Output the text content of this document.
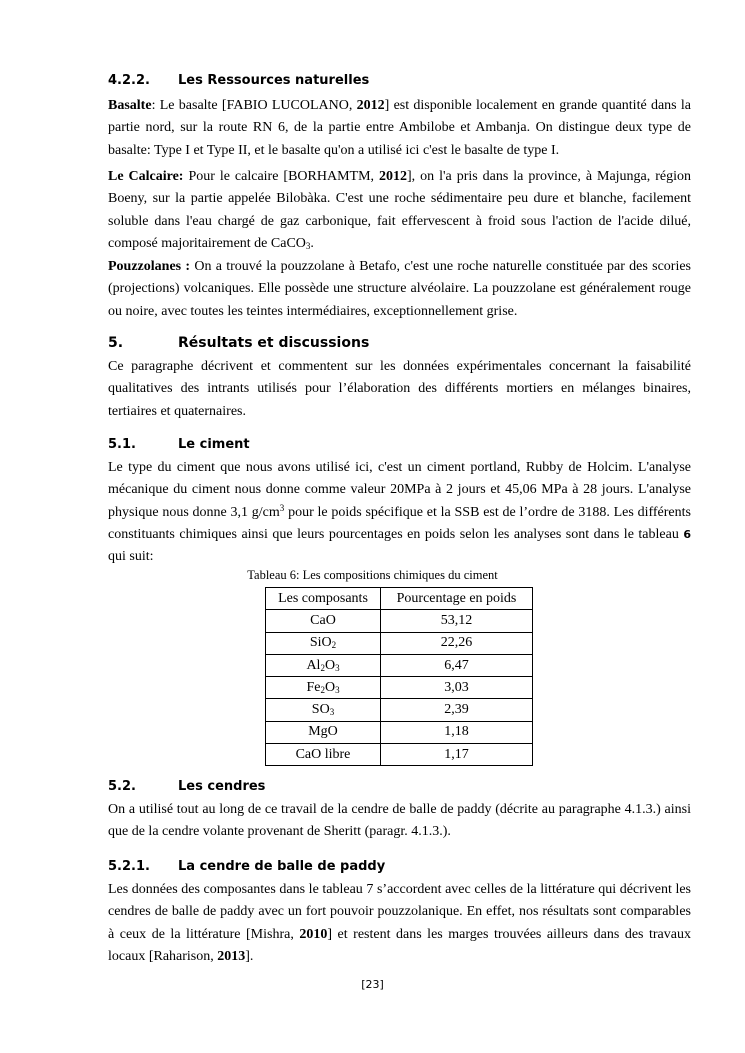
4.2.2. Les Ressources naturelles

Basalte: Le basalte [FABIO LUCOLANO, 2012] est disponible localement en grande quantité dans la partie nord, sur la route RN 6, de la partie entre Ambilobe et Ambanja. On distingue deux type de basalte: Type I et Type II, et le basalte qu'on a utilisé ici c'est le basalte de type I.

Le Calcaire: Pour le calcaire [BORHAMTM, 2012], on l'a pris dans la province, à Majunga, région Boeny, sur la partie appelée Bilobàka. C'est une roche sédimentaire peu dure et blanche, facilement soluble dans l'eau chargé de gaz carbonique, fait effervescent à froid sous l'action de l'acide dilué, composé majoritairement de CaCO$_3$.

Pouzzolanes : On a trouvé la pouzzolane à Betafo, c'est une roche naturelle constituée par des scories (projections) volcaniques. Elle possède une structure alvéolaire. La pouzzolane est généralement rouge ou noire, avec toutes les teintes intermédiaires, exceptionnellement grise.

5.	Résultats et discussions

Ce paragraphe décrivent et commentent sur les données expérimentales concernant la faisabilité qualitatives des intrants utilisés pour l’élaboration des différents mortiers en mélanges binaires, tertiaires et quaternaires.

5.1.	Le ciment

Le type du ciment que nous avons utilisé ici, c'est un ciment portland, Rubby de Holcim. L'analyse mécanique du ciment nous donne comme valeur 20MPa à 2 jours et 45,06 MPa à 28 jours. L'analyse physique nous donne 3,1 $g/cm^3$ pour le poids spécifique et la SSB est de l’ordre de 3188. Les différents constituants chimiques ainsi que leurs pourcentages en poids selon les analyses sont dans le tableau 6 qui suit:

Tableau 6: Les compositions chimiques du ciment
Les composants	Pourcentage en poids
CaO	53,12
SiO$_2$	22,26
$Al_2O_3$	6,47
$Fe_2O_3$	3,03
$SO_3$	2,39
MgO	1,18
CaO libre	1,17
5.2.	Les cendres

On a utilisé tout au long de ce travail de la cendre de balle de paddy (décrite au paragraphe 4.1.3.) ainsi que de la cendre volante provenant de Sheritt (paragr. 4.1.3.).

5.2.1. La cendre de balle de paddy

Les données des composantes dans le tableau 7 s’accordent avec celles de la littérature qui décrivent les cendres de balle de paddy avec un fort pouvoir pouzzolanique. En effet, nos résultats sont comparables à ceux de la littérature [Mishra, 2010] et restent dans les marges trouvées ailleurs dans des travaux locaux [Raharison, 2013].

[23]
